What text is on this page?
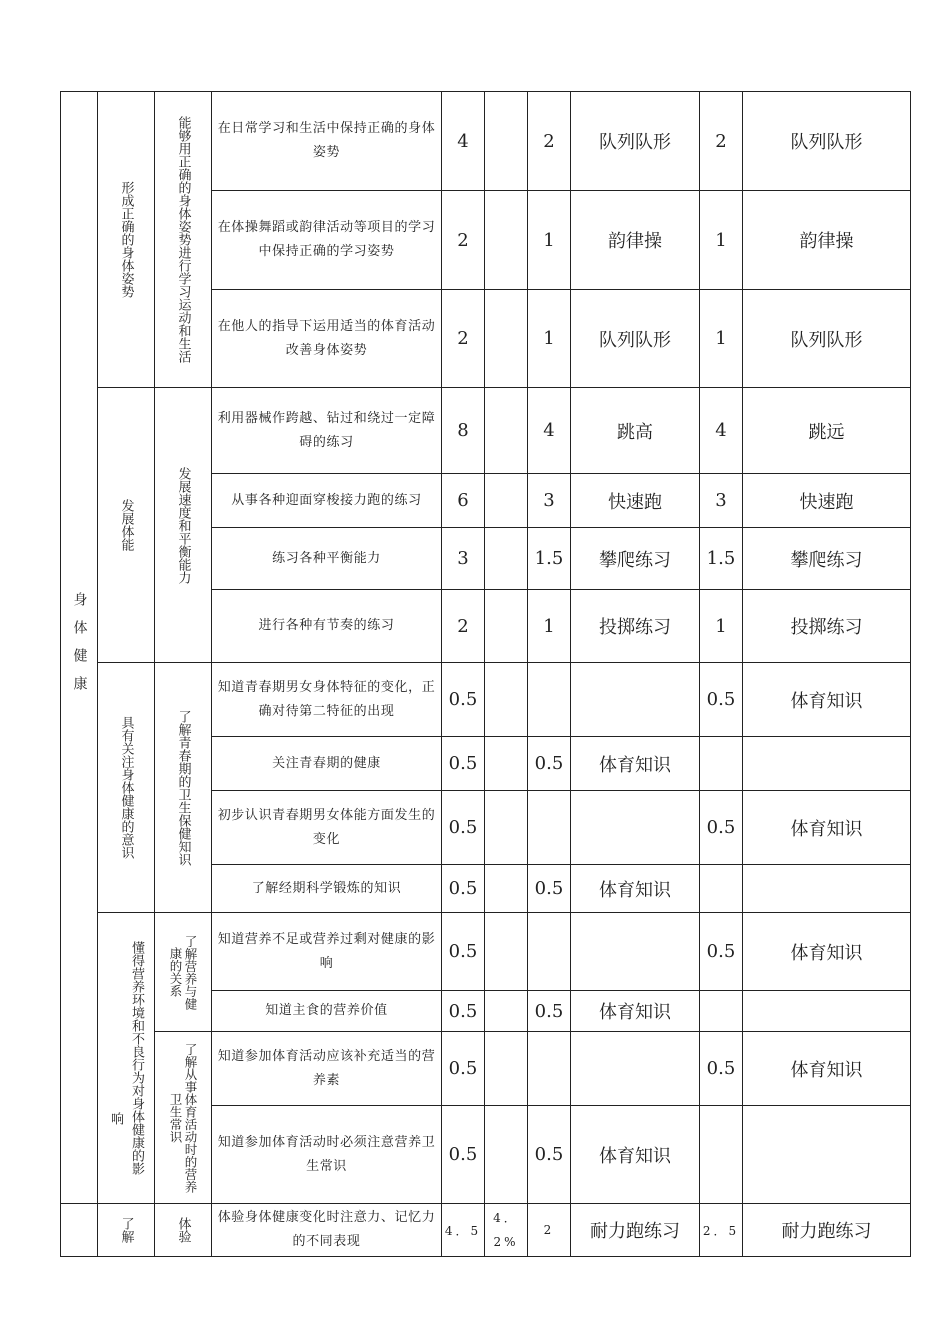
身体健康	形成正确的身体姿势	能够用正确的身体姿势进行学习运动和生活	在日常学习和生活中保持正确的身体姿势	4		2	队列队形	2	队列队形
			在体操舞蹈或韵律活动等项目的学习中保持正确的学习姿势	2		1	韵律操	1	韵律操
			在他人的指导下运用适当的体育活动改善身体姿势	2		1	队列队形	1	队列队形

	发展体能	发展速度和平衡能力	利用器械作跨越、钻过和绕过一定障碍的练习	8		4	跳高	4	跳远
			从事各种迎面穿梭接力跑的练习	6		3	快速跑	3	快速跑
			练习各种平衡能力	3		1.5	攀爬练习	1.5	攀爬练习
			进行各种有节奏的练习	2		1	投掷练习	1	投掷练习

	具有关注身体健康的意识	了解青春期的卫生保健知识	知道青春期男女身体特征的变化，正确对待第二特征的出现	0.5				0.5	体育知识
			关注青春期的健康	0.5		0.5	体育知识		
			初步认识青春期男女体能方面发生的变化	0.5				0.5	体育知识
			了解经期科学锻炼的知识	0.5		0.5	体育知识		

	响 懂得营养环境和不良行为对身体健康的影	了解营养与健康的关系	知道营养不足或营养过剩对健康的影响	0.5				0.5	体育知识
			知道主食的营养价值	0.5		0.5	体育知识		

		了解从事体育活动时的营养卫生常识	知道参加体育活动应该补充适当的营养素	0.5				0.5	体育知识
			知道参加体育活动时必须注意营养卫生常识	0.5		0.5	体育知识		

	了解	体验	体验身体健康变化时注意力、记忆力的不同表现	4．5	4．2%	2	耐力跑练习	2．5	耐力跑练习
